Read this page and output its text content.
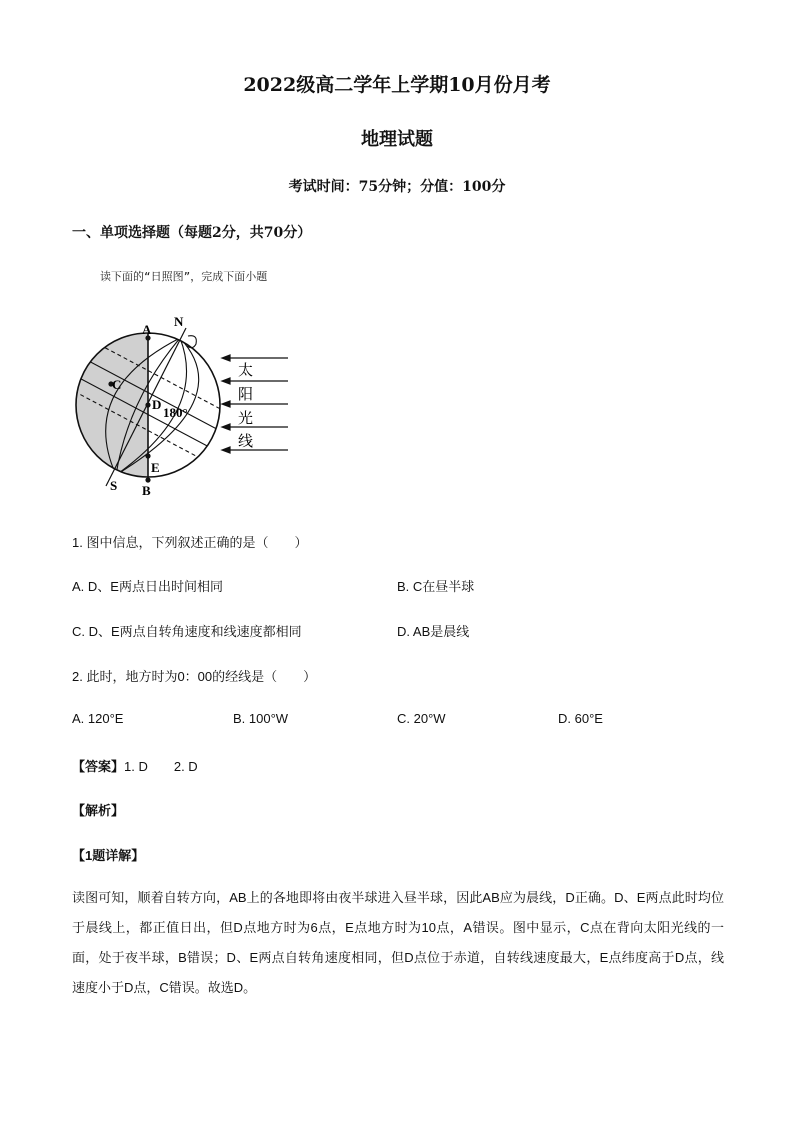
2022级高二学年上学期10月份月考
地理试题
考试时间：75分钟；分值：100分
一、单项选择题（每题2分，共70分）
读下面的“日照图”，完成下面小题
A
B
C
D
E
N
S
180°
太
阳
光
线
1. 图中信息，下列叙述正确的是（　　）
A. D、E两点日出时间相同	B. C在昼半球
C. D、E两点自转角速度和线速度都相同	D. AB是晨线
2. 此时，地方时为0：00的经线是（　　）
A. 120°E	B. 100°W	C. 20°W	D. 60°E
【答案】1. D　　2. D
【解析】
【1题详解】
读图可知，顺着自转方向，AB上的各地即将由夜半球进入昼半球，因此AB应为晨线，D正确。D、E两点此时均位于晨线上，都正值日出，但D点地方时为6点，E点地方时为10点，A错误。图中显示，C点在背向太阳光线的一面，处于夜半球，B错误；D、E两点自转角速度相同，但D点位于赤道，自转线速度最大，E点纬度高于D点，线速度小于D点，C错误。故选D。
